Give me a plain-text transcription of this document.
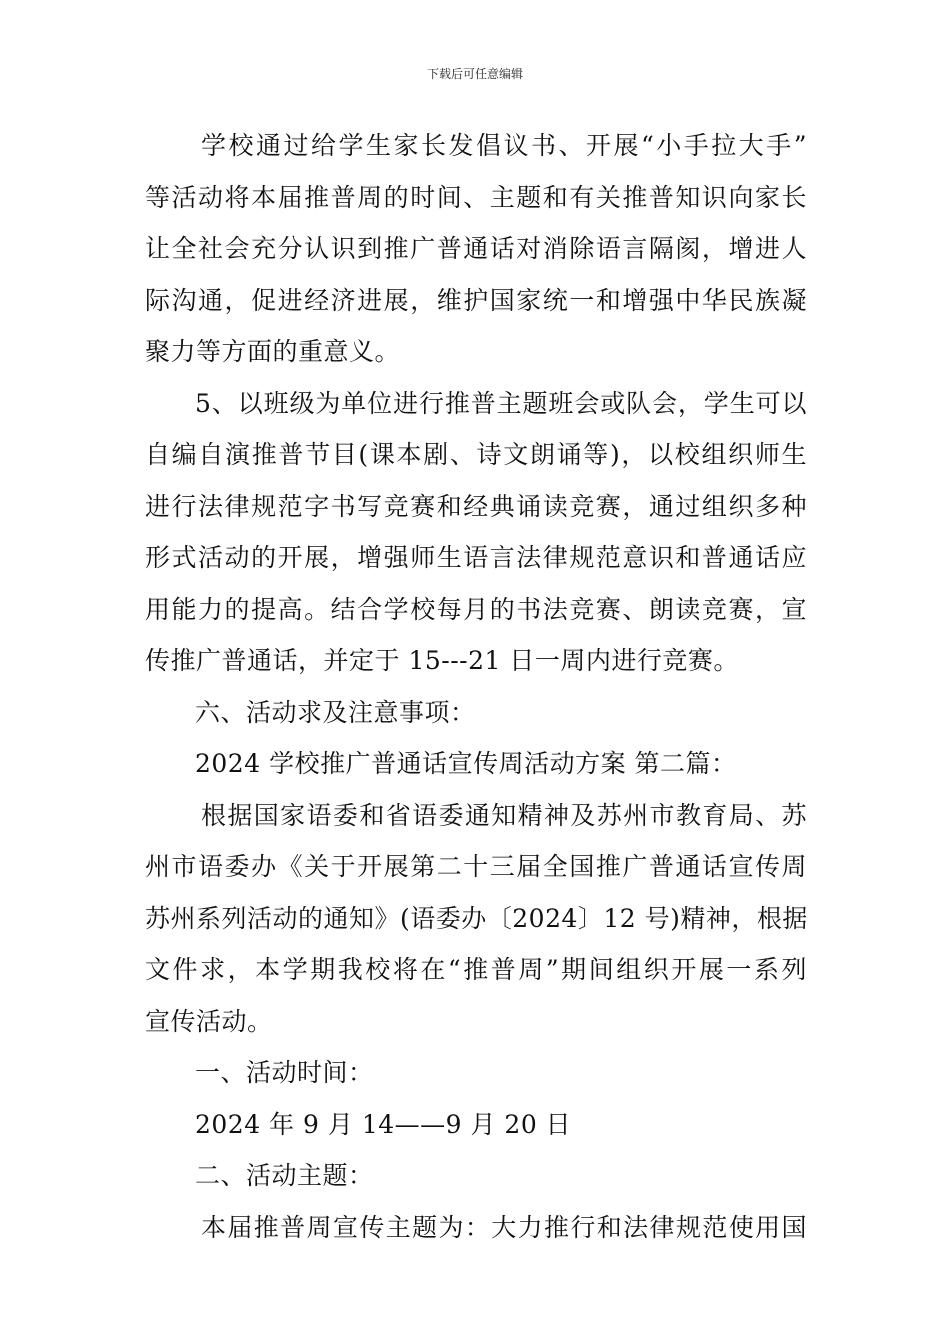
下载后可任意编辑
学校通过给学生家长发倡议书、开展“小手拉大手”
等活动将本届推普周的时间、主题和有关推普知识向家长
让全社会充分认识到推广普通话对消除语言隔阂，增进人
际沟通，促进经济进展，维护国家统一和增强中华民族凝
聚力等方面的重意义。
5、以班级为单位进行推普主题班会或队会，学生可以
自编自演推普节目(课本剧、诗文朗诵等)，以校组织师生
进行法律规范字书写竞赛和经典诵读竞赛，通过组织多种
形式活动的开展，增强师生语言法律规范意识和普通话应
用能力的提高。结合学校每月的书法竞赛、朗读竞赛，宣
传推广普通话，并定于 15---21 日一周内进行竞赛。
六、活动求及注意事项：
2024 学校推广普通话宣传周活动方案 第二篇：
根据国家语委和省语委通知精神及苏州市教育局、苏
州市语委办《关于开展第二十三届全国推广普通话宣传周
苏州系列活动的通知》(语委办〔2024〕12 号)精神，根据
文件求，本学期我校将在“推普周”期间组织开展一系列
宣传活动。
一、活动时间：
2024 年 9 月 14——9 月 20 日
二、活动主题：
本届推普周宣传主题为：大力推行和法律规范使用国
